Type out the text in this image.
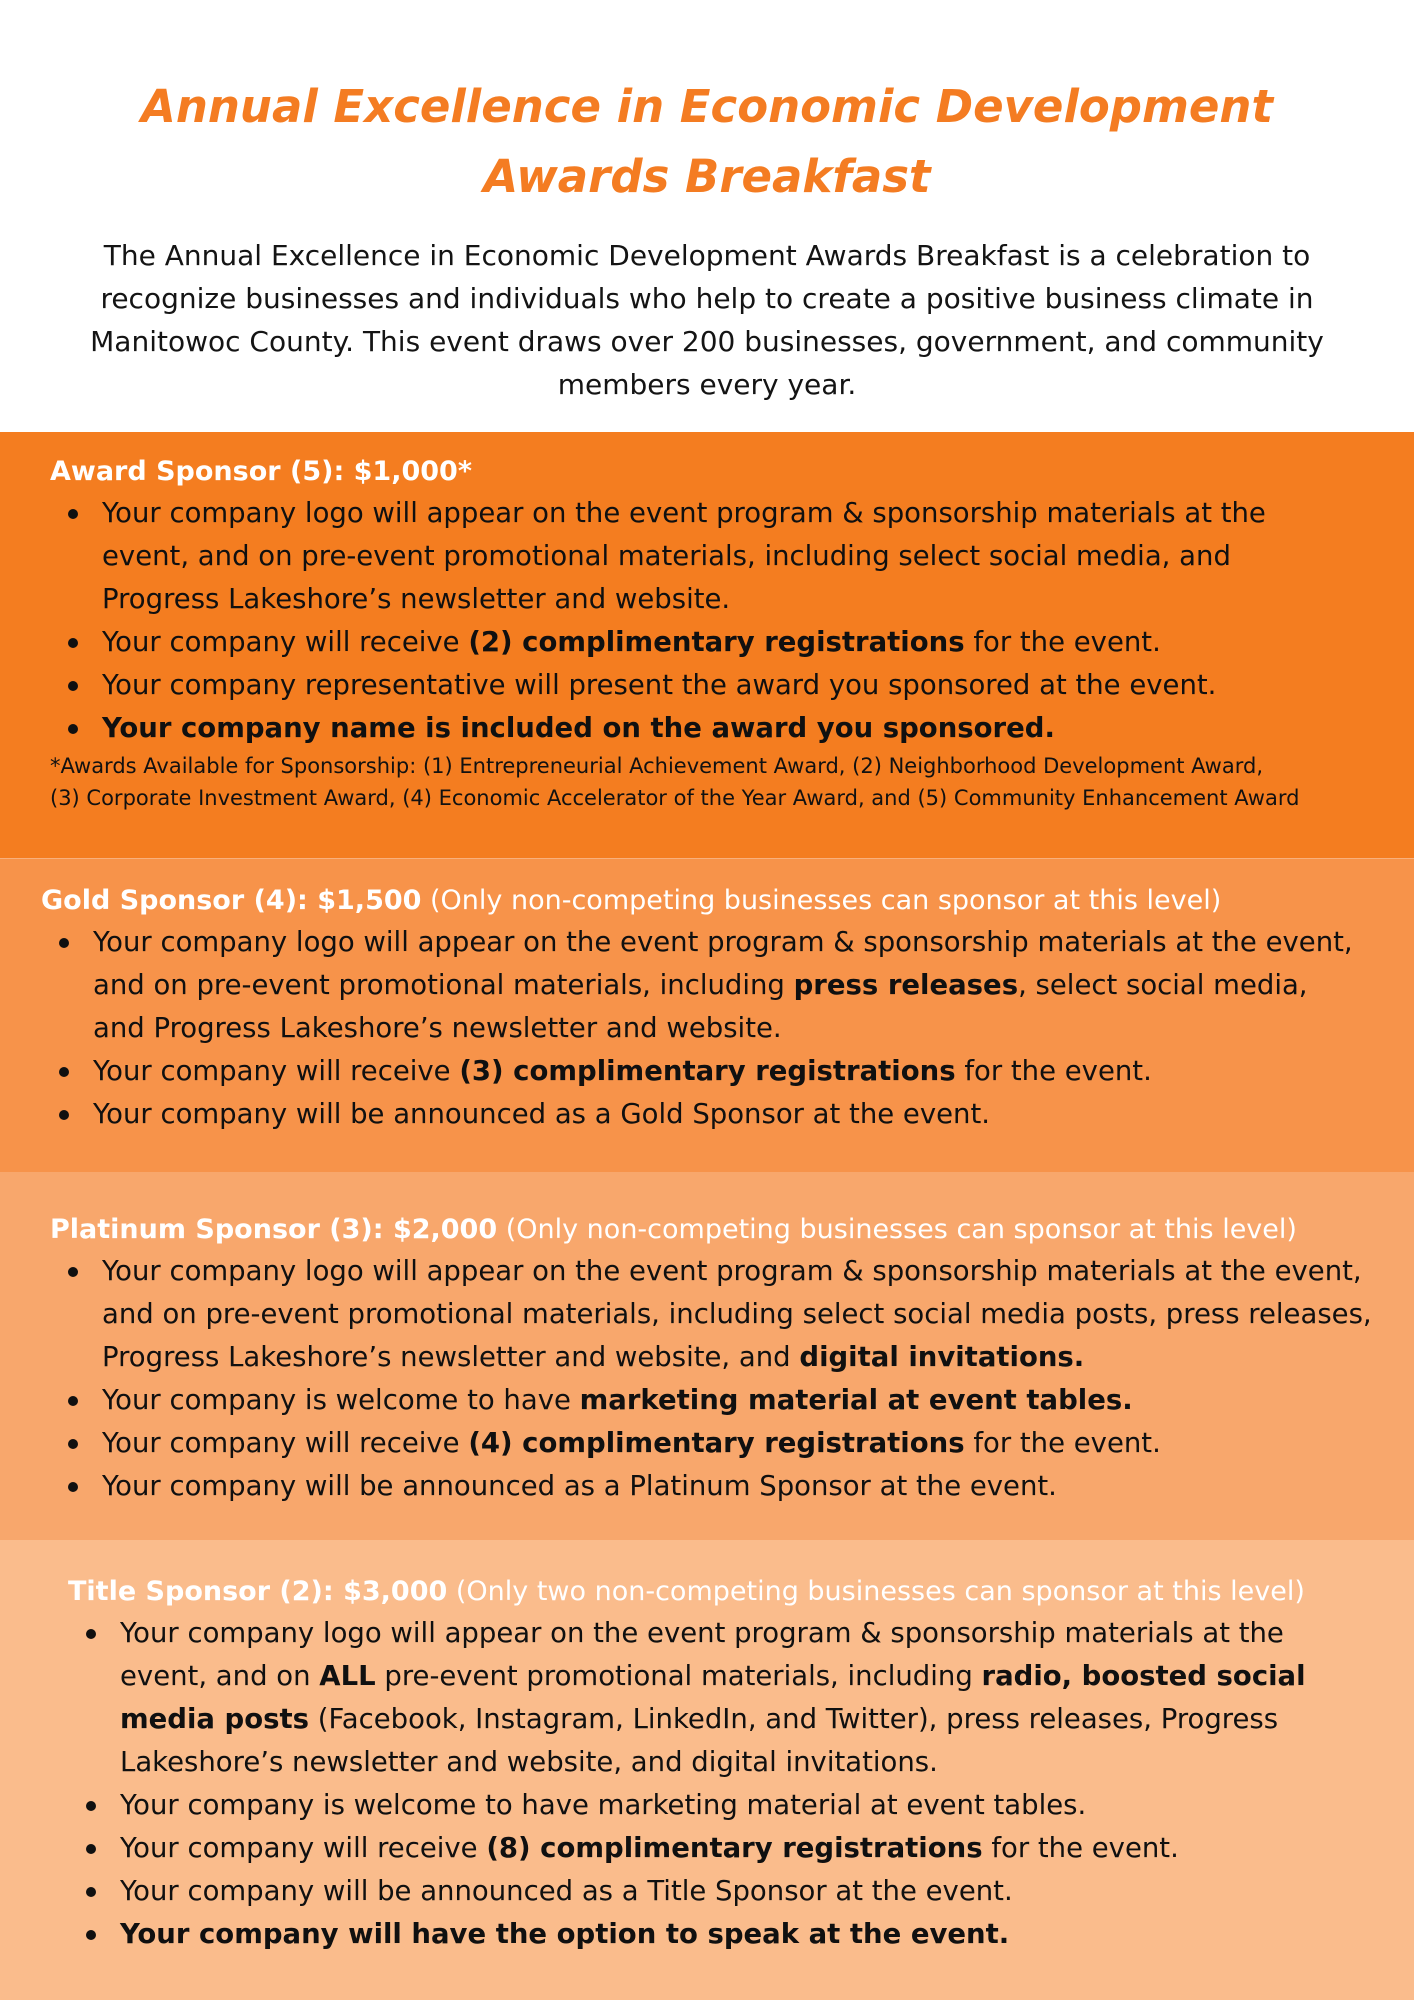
Annual Excellence in Economic Development
Awards Breakfast

The Annual Excellence in Economic Development Awards Breakfast is a celebration to recognize businesses and individuals who help to create a positive business climate in Manitowoc County. This event draws over 200 businesses, government, and community members every year.

Award Sponsor (5): $1,000*

Your company logo will appear on the event program & sponsorship materials at the event, and on pre-event promotional materials, including select social media, and Progress Lakeshore’s newsletter and website.
Your company will receive (2) complimentary registrations for the event.
Your company representative will present the award you sponsored at the event.
Your company name is included on the award you sponsored.

*Awards Available for Sponsorship: (1) Entrepreneurial Achievement Award, (2) Neighborhood Development Award,
(3) Corporate Investment Award, (4) Economic Accelerator of the Year Award, and (5) Community Enhancement Award

Gold Sponsor (4): $1,500 (Only non-competing businesses can sponsor at this level)

Your company logo will appear on the event program & sponsorship materials at the event, and on pre-event promotional materials, including press releases, select social media, and Progress Lakeshore’s newsletter and website.
Your company will receive (3) complimentary registrations for the event.
Your company will be announced as a Gold Sponsor at the event.

Platinum Sponsor (3): $2,000 (Only non-competing businesses can sponsor at this level)

Your company logo will appear on the event program & sponsorship materials at the event, and on pre-event promotional materials, including select social media posts, press releases, Progress Lakeshore’s newsletter and website, and digital invitations.
Your company is welcome to have marketing material at event tables.
Your company will receive (4) complimentary registrations for the event.
Your company will be announced as a Platinum Sponsor at the event.

Title Sponsor (2): $3,000 (Only two non-competing businesses can sponsor at this level)

Your company logo will appear on the event program & sponsorship materials at the event, and on ALL pre-event promotional materials, including radio, boosted social media posts (Facebook, Instagram, LinkedIn, and Twitter), press releases, Progress Lakeshore’s newsletter and website, and digital invitations.
Your company is welcome to have marketing material at event tables.
Your company will receive (8) complimentary registrations for the event.
Your company will be announced as a Title Sponsor at the event.
Your company will have the option to speak at the event.
